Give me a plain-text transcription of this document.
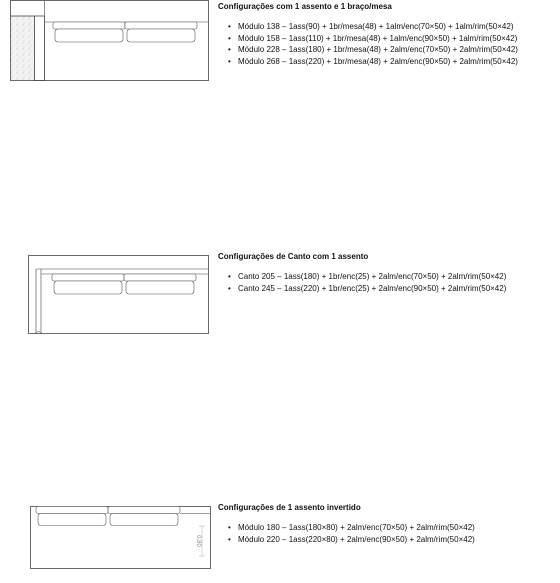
Configurações com 1 assento e 1 braço/mesa
• Módulo 138 – 1ass(90) + 1br/mesa(48) + 1alm/enc(70×50) + 1alm/rim(50×42)
• Módulo 158 – 1ass(110) + 1br/mesa(48) + 1alm/enc(90×50) + 1alm/rim(50×42)
• Módulo 228 – 1ass(180) + 1br/mesa(48) + 2alm/enc(70×50) + 2alm/rim(50×42)
• Módulo 268 – 1ass(220) + 1br/mesa(48) + 2alm/enc(90×50) + 2alm/rim(50×42)
Configurações de Canto com 1 assento
• Canto 205 – 1ass(180) + 1br/enc(25) + 2alm/enc(70×50) + 2alm/rim(50×42)
• Canto 245 – 1ass(220) + 1br/enc(25) + 2alm/enc(90×50) + 2alm/rim(50×42)
0,80
Configurações de 1 assento invertido
• Módulo 180 – 1ass(180×80) + 2alm/enc(70×50) + 2alm/rim(50×42)
• Módulo 220 – 1ass(220×80) + 2alm/enc(90×50) + 2alm/rim(50×42)
